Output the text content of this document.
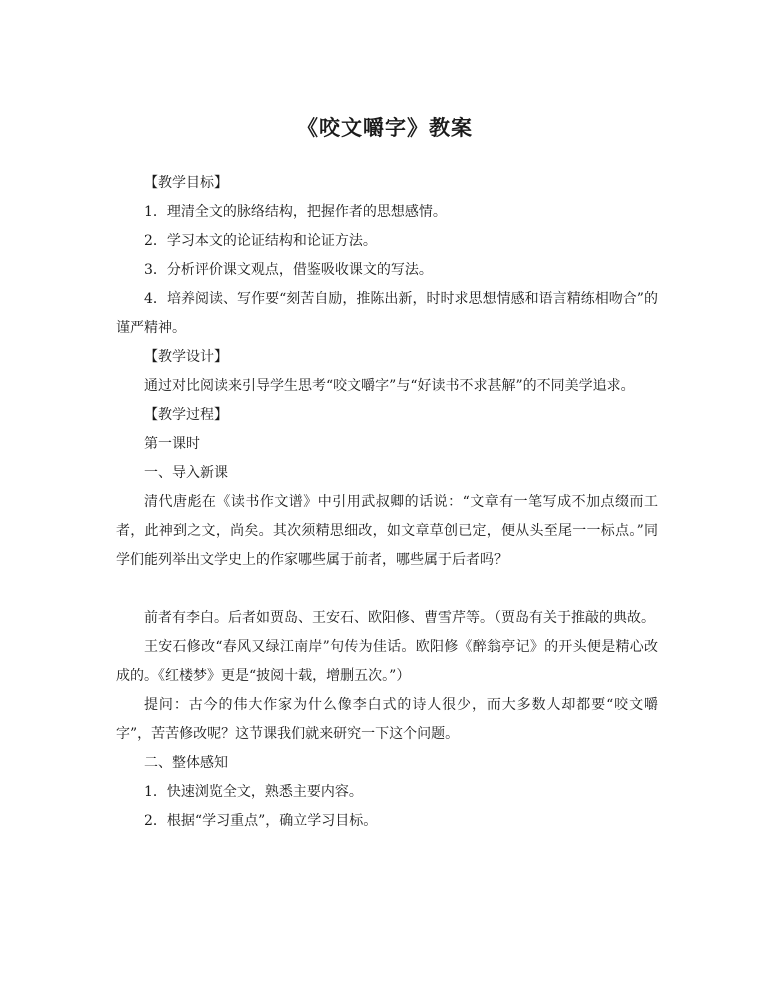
《咬文嚼字》教案

【教学目标】

1．理清全文的脉络结构，把握作者的思想感情。

2．学习本文的论证结构和论证方法。

3．分析评价课文观点，借鉴吸收课文的写法。

4．培养阅读、写作要“刻苦自励，推陈出新，时时求思想情感和语言精练相吻合”的谨严精神。

【教学设计】

通过对比阅读来引导学生思考“咬文嚼字”与“好读书不求甚解”的不同美学追求。

【教学过程】

第一课时

一、导入新课

清代唐彪在《读书作文谱》中引用武叔卿的话说：“文章有一笔写成不加点缀而工者，此神到之文，尚矣。其次须精思细改，如文章草创已定，便从头至尾一一标点。”同学们能列举出文学史上的作家哪些属于前者，哪些属于后者吗？

前者有李白。后者如贾岛、王安石、欧阳修、曹雪芹等。（贾岛有关于推敲的典故。

王安石修改“春风又绿江南岸”句传为佳话。欧阳修《醉翁亭记》的开头便是精心改成的。《红楼梦》更是“披阅十载，增删五次。”）

提问：古今的伟大作家为什么像李白式的诗人很少，而大多数人却都要“咬文嚼字”，苦苦修改呢？这节课我们就来研究一下这个问题。

二、整体感知

1．快速浏览全文，熟悉主要内容。

2．根据“学习重点”，确立学习目标。
